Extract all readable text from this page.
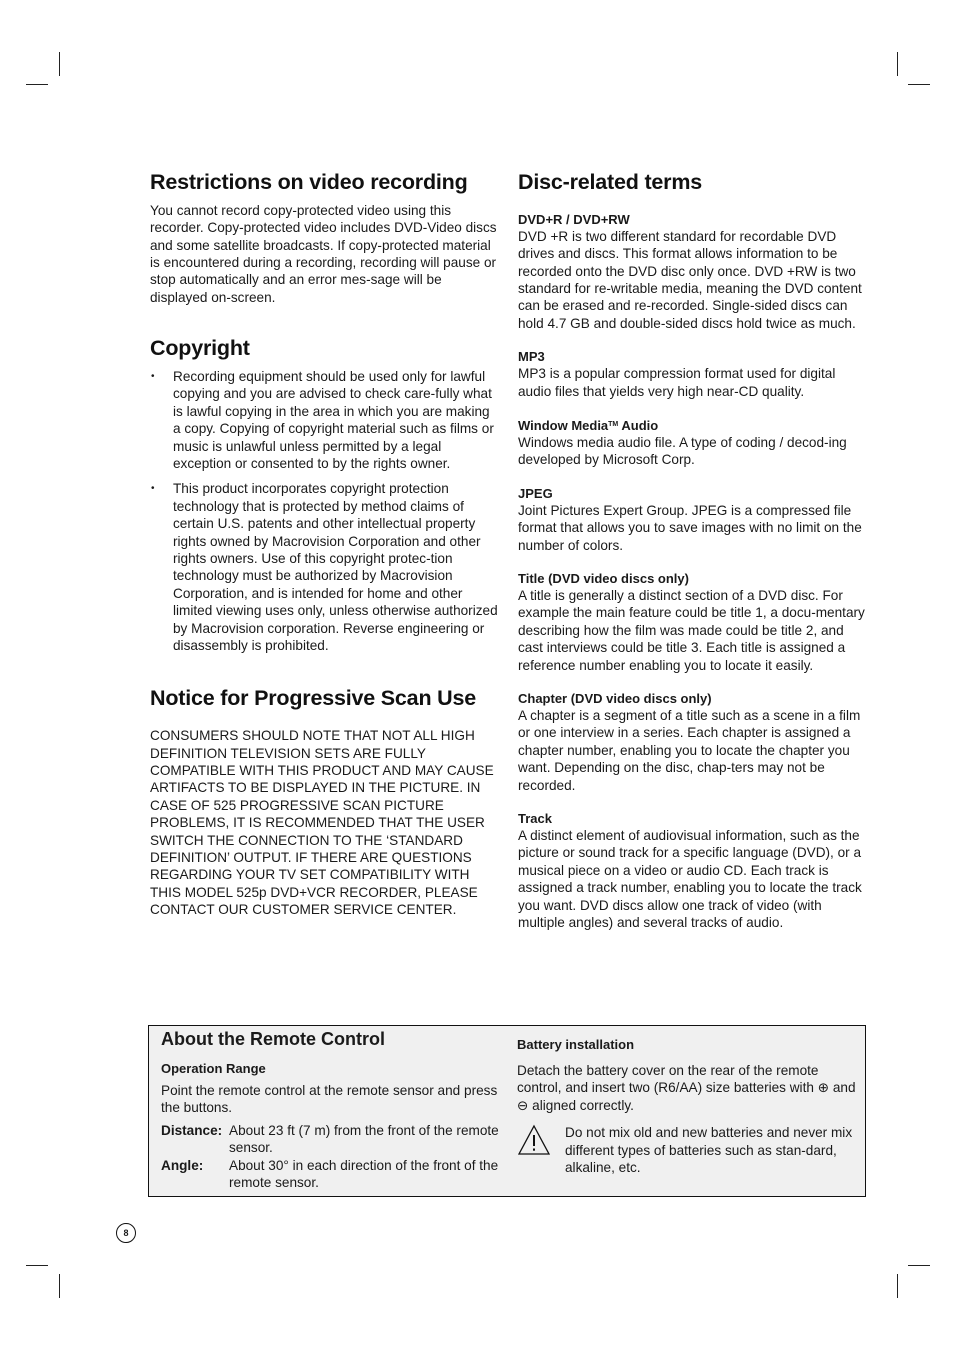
Restrictions on video recording

You cannot record copy-protected video using this recorder. Copy-protected video includes DVD-Video discs and some satellite broadcasts. If copy-protected material is encountered during a recording, recording will pause or stop automatically and an error mes-sage will be displayed on-screen.

Copyright
• Recording equipment should be used only for lawful copying and you are advised to check care-fully what is lawful copying in the area in which you are making a copy. Copying of copyright material such as films or music is unlawful unless permitted by a legal exception or consented to by the rights owner.
• This product incorporates copyright protection technology that is protected by method claims of certain U.S. patents and other intellectual property rights owned by Macrovision Corporation and other rights owners. Use of this copyright protec-tion technology must be authorized by Macrovision Corporation, and is intended for home and other limited viewing uses only, unless otherwise authorized by Macrovision corporation. Reverse engineering or disassembly is prohibited.
Notice for Progressive Scan Use

CONSUMERS SHOULD NOTE THAT NOT ALL HIGH DEFINITION TELEVISION SETS ARE FULLY COMPATIBLE WITH THIS PRODUCT AND MAY CAUSE ARTIFACTS TO BE DISPLAYED IN THE PICTURE. IN CASE OF 525 PROGRESSIVE SCAN PICTURE PROBLEMS, IT IS RECOMMENDED THAT THE USER SWITCH THE CONNECTION TO THE ‘STANDARD DEFINITION’ OUTPUT. IF THERE ARE QUESTIONS REGARDING YOUR TV SET COMPATIBILITY WITH THIS MODEL 525p DVD+VCR RECORDER, PLEASE CONTACT OUR CUSTOMER SERVICE CENTER.

Disc-related terms
DVD+R / DVD+RW
DVD +R is two different standard for recordable DVD drives and discs. This format allows information to be recorded onto the DVD disc only once. DVD +RW is two standard for re-writable media, meaning the DVD content can be erased and re-recorded. Single-sided discs can hold 4.7 GB and double-sided discs hold twice as much.
MP3
MP3 is a popular compression format used for digital audio files that yields very high near-CD quality.
Window Media™ Audio
Windows media audio file. A type of coding / decod-ing developed by Microsoft Corp.
JPEG
Joint Pictures Expert Group. JPEG is a compressed file format that allows you to save images with no limit on the number of colors.
Title (DVD video discs only)
A title is generally a distinct section of a DVD disc. For example the main feature could be title 1, a docu-mentary describing how the film was made could be title 2, and cast interviews could be title 3. Each title is assigned a reference number enabling you to locate it easily.
Chapter (DVD video discs only)
A chapter is a segment of a title such as a scene in a film or one interview in a series. Each chapter is assigned a chapter number, enabling you to locate the chapter you want. Depending on the disc, chap-ters may not be recorded.
Track
A distinct element of audiovisual information, such as the picture or sound track for a specific language (DVD), or a musical piece on a video or audio CD. Each track is assigned a track number, enabling you to locate the track you want. DVD discs allow one track of video (with multiple angles) and several tracks of audio.
About the Remote Control
Operation Range

Point the remote control at the remote sensor and press the buttons.

Distance: About 23 ft (7 m) from the front of the remote sensor.
Angle:	About 30° in each direction of the front of the remote sensor.
Battery installation

Detach the battery cover on the rear of the remote control, and insert two (R6/AA) size batteries with ⊕ and ⊖ aligned correctly.

Do not mix old and new batteries and never mix different types of batteries such as stan-dard, alkaline, etc.
8
